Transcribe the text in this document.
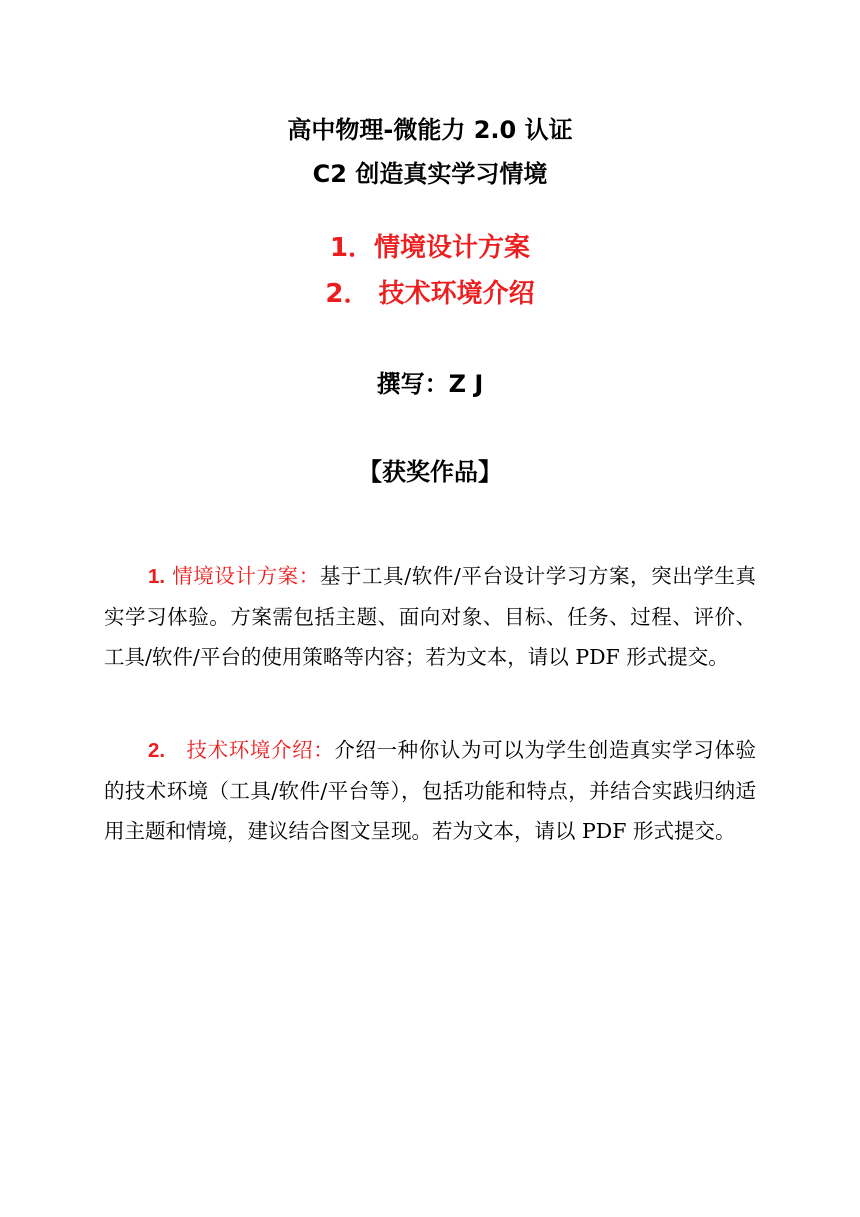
高中物理-微能力 2.0 认证
C2 创造真实学习情境
1．情境设计方案
2． 技术环境介绍
撰写：Z J
【获奖作品】
1. 情境设计方案：基于工具/软件/平台设计学习方案，突出学生真实学习体验。方案需包括主题、面向对象、目标、任务、过程、评价、工具/软件/平台的使用策略等内容；若为文本，请以 PDF 形式提交。
2. 技术环境介绍：介绍一种你认为可以为学生创造真实学习体验的技术环境（工具/软件/平台等），包括功能和特点，并结合实践归纳适用主题和情境，建议结合图文呈现。若为文本，请以 PDF 形式提交。
